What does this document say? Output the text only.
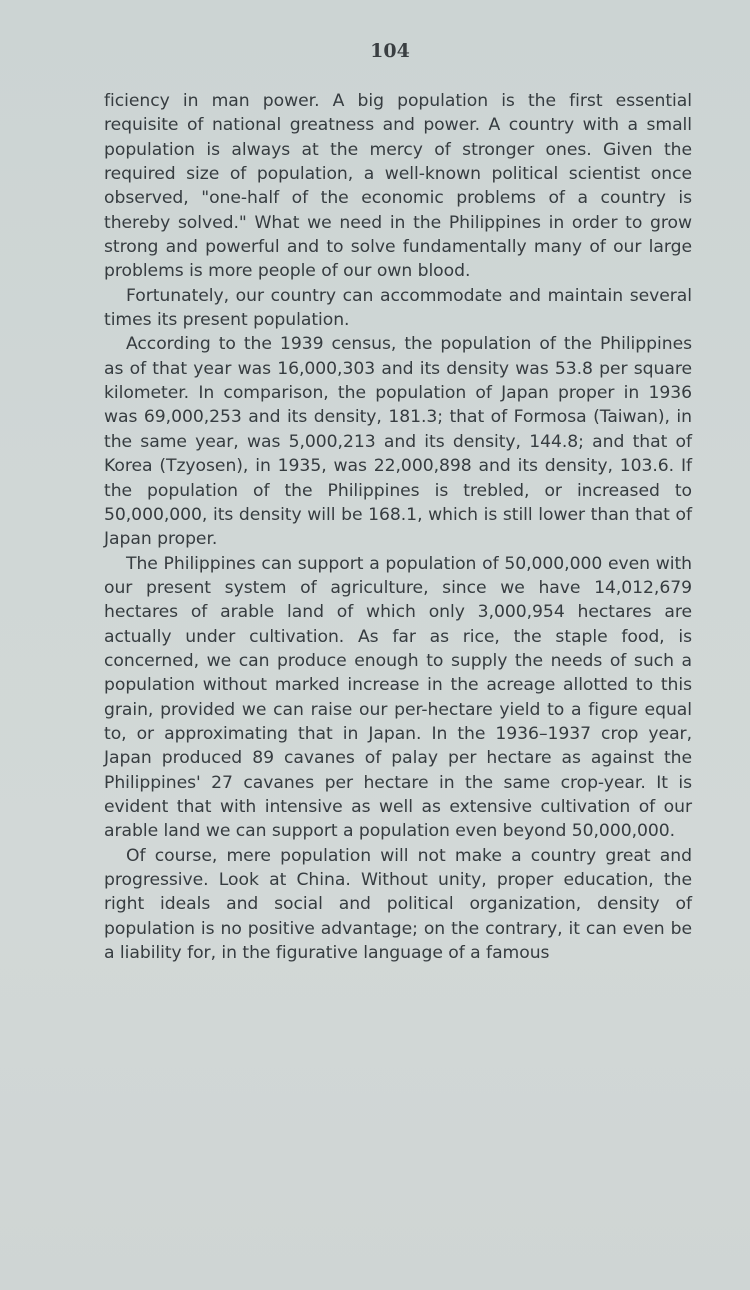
104

ficiency in man power. A big population is the first essential requisite of national greatness and power. A country with a small population is always at the mercy of stronger ones. Given the required size of population, a well-known political scientist once observed, "one-half of the economic problems of a country is thereby solved." What we need in the Philippines in order to grow strong and powerful and to solve fundamentally many of our large problems is more people of our own blood.

Fortunately, our country can accommodate and maintain several times its present population.

According to the 1939 census, the population of the Philippines as of that year was 16,000,303 and its density was 53.8 per square kilometer. In comparison, the population of Japan proper in 1936 was 69,000,253 and its density, 181.3; that of Formosa (Taiwan), in the same year, was 5,000,213 and its density, 144.8; and that of Korea (Tzyosen), in 1935, was 22,000,898 and its density, 103.6. If the population of the Philippines is trebled, or increased to 50,000,000, its density will be 168.1, which is still lower than that of Japan proper.

The Philippines can support a population of 50,000,000 even with our present system of agriculture, since we have 14,012,679 hectares of arable land of which only 3,000,954 hectares are actually under cultivation. As far as rice, the staple food, is concerned, we can produce enough to supply the needs of such a population without marked increase in the acreage allotted to this grain, provided we can raise our per-hectare yield to a figure equal to, or approximating that in Japan. In the 1936–1937 crop year, Japan produced 89 cavanes of palay per hectare as against the Philippines' 27 cavanes per hectare in the same crop-year. It is evident that with intensive as well as extensive cultivation of our arable land we can support a population even beyond 50,000,000.

Of course, mere population will not make a country great and progressive. Look at China. Without unity, proper education, the right ideals and social and political organization, density of population is no positive advantage; on the contrary, it can even be a liability for, in the figurative language of a famous
